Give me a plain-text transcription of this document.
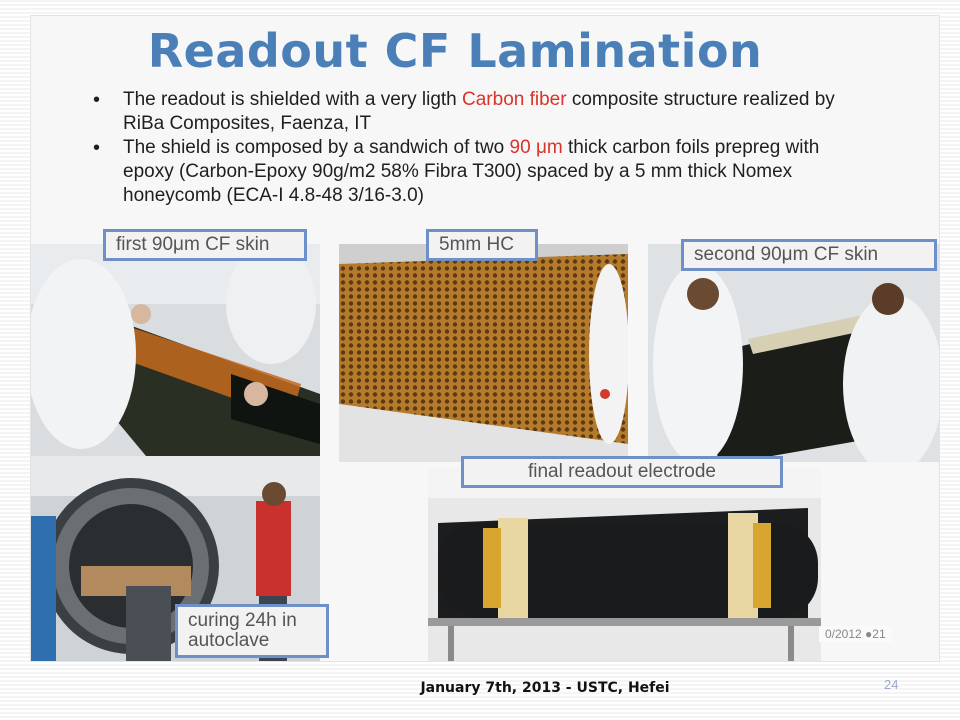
Readout CF Lamination
• The readout is shielded with a very ligth Carbon fiber composite structure realized by RiBa Composites, Faenza, IT
• The shield is composed by a sandwich of two 90 μm thick carbon foils prepreg with epoxy (Carbon-Epoxy 90g/m2 58% Fibra T300) spaced by a 5 mm thick Nomex honeycomb (ECA-I 4.8-48 3/16-3.0)
first 90μm CF skin	5mm HC	second 90μm CF skin
curing 24h in
autoclave
final readout electrode
0/2012 ●21
January 7th, 2013 - USTC, Hefei	24
